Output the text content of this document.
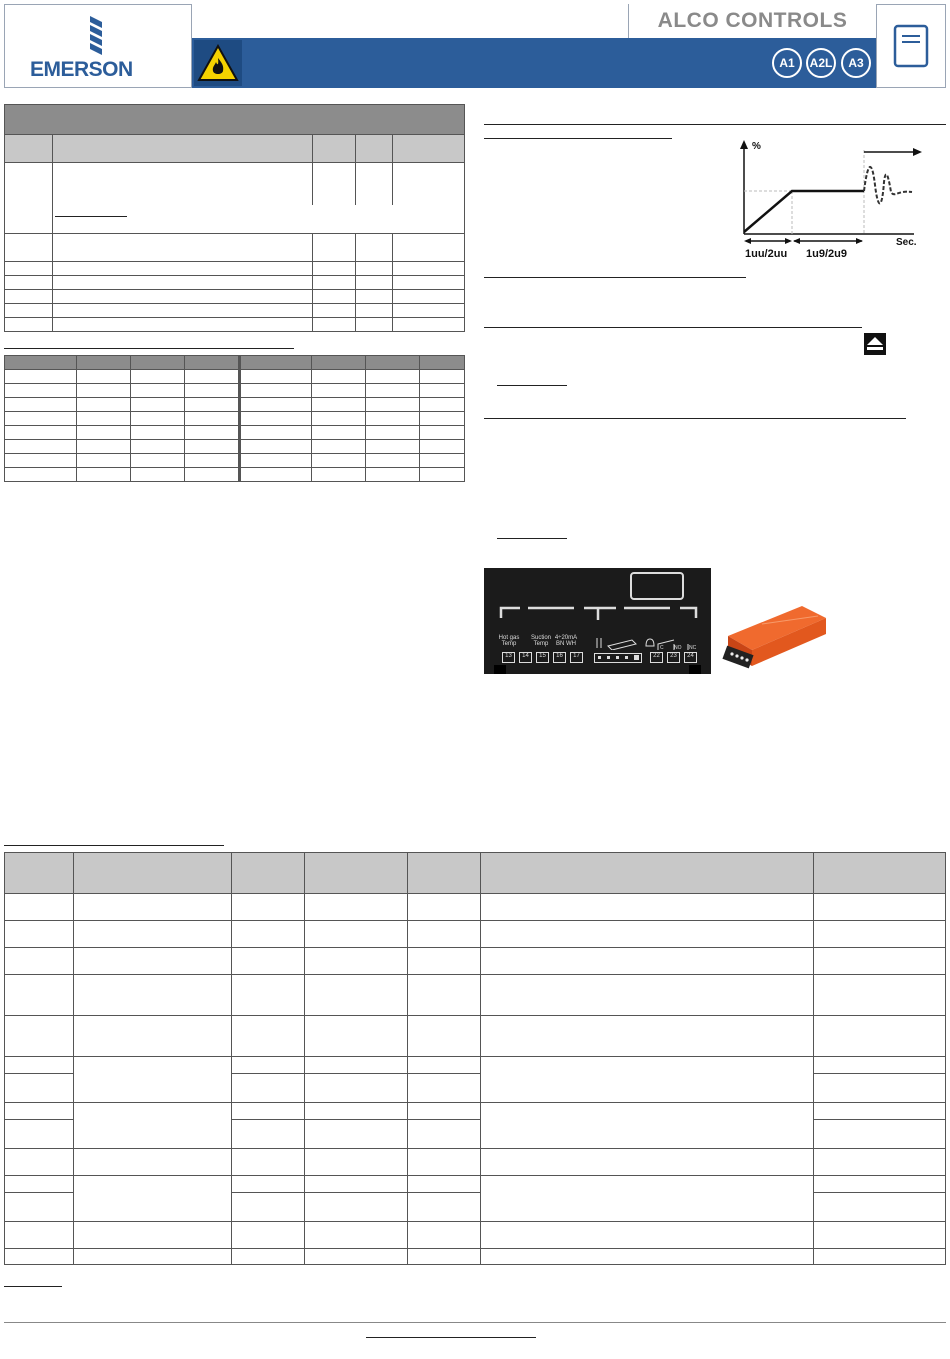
EMERSON
ALCO CONTROLS
A1	A2L	A3

%
Sec.
1uu/2uu 1u9/2u9
Hot gas
Temp
Suction
Temp
4÷20mA
BN WH
13	14	15	16	17
C NO NC
22	23	24
